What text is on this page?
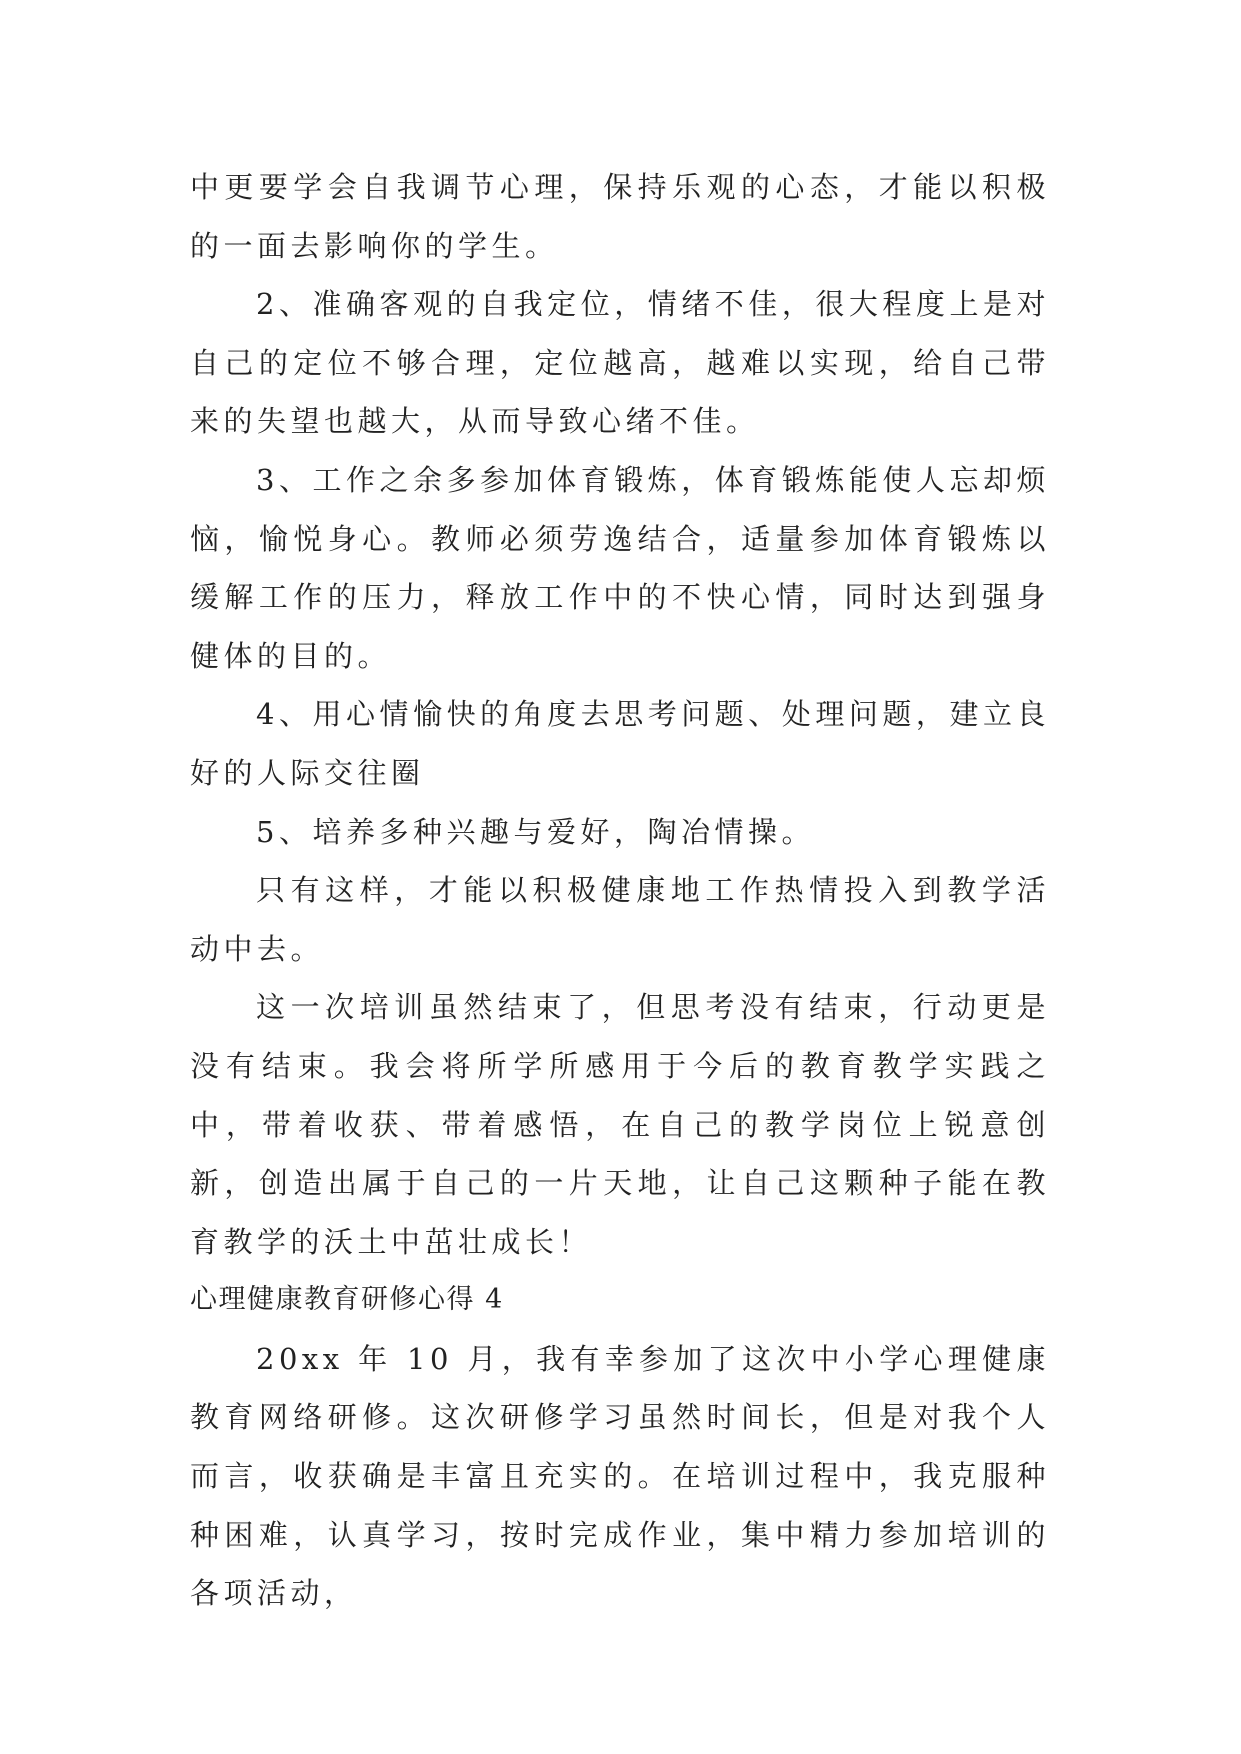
中更要学会自我调节心理，保持乐观的心态，才能以积极的一面去影响你的学生。

2、准确客观的自我定位，情绪不佳，很大程度上是对自己的定位不够合理，定位越高，越难以实现，给自己带来的失望也越大，从而导致心绪不佳。

3、工作之余多参加体育锻炼，体育锻炼能使人忘却烦恼，愉悦身心。教师必须劳逸结合，适量参加体育锻炼以缓解工作的压力，释放工作中的不快心情，同时达到强身健体的目的。

4、用心情愉快的角度去思考问题、处理问题，建立良好的人际交往圈

5、培养多种兴趣与爱好，陶冶情操。

只有这样，才能以积极健康地工作热情投入到教学活动中去。

这一次培训虽然结束了，但思考没有结束，行动更是没有结束。我会将所学所感用于今后的教育教学实践之中，带着收获、带着感悟，在自己的教学岗位上锐意创新，创造出属于自己的一片天地，让自己这颗种子能在教育教学的沃土中茁壮成长！

心理健康教育研修心得 4

20xx 年 10 月，我有幸参加了这次中小学心理健康教育网络研修。这次研修学习虽然时间长，但是对我个人而言，收获确是丰富且充实的。在培训过程中，我克服种种困难，认真学习，按时完成作业，集中精力参加培训的各项活动，
